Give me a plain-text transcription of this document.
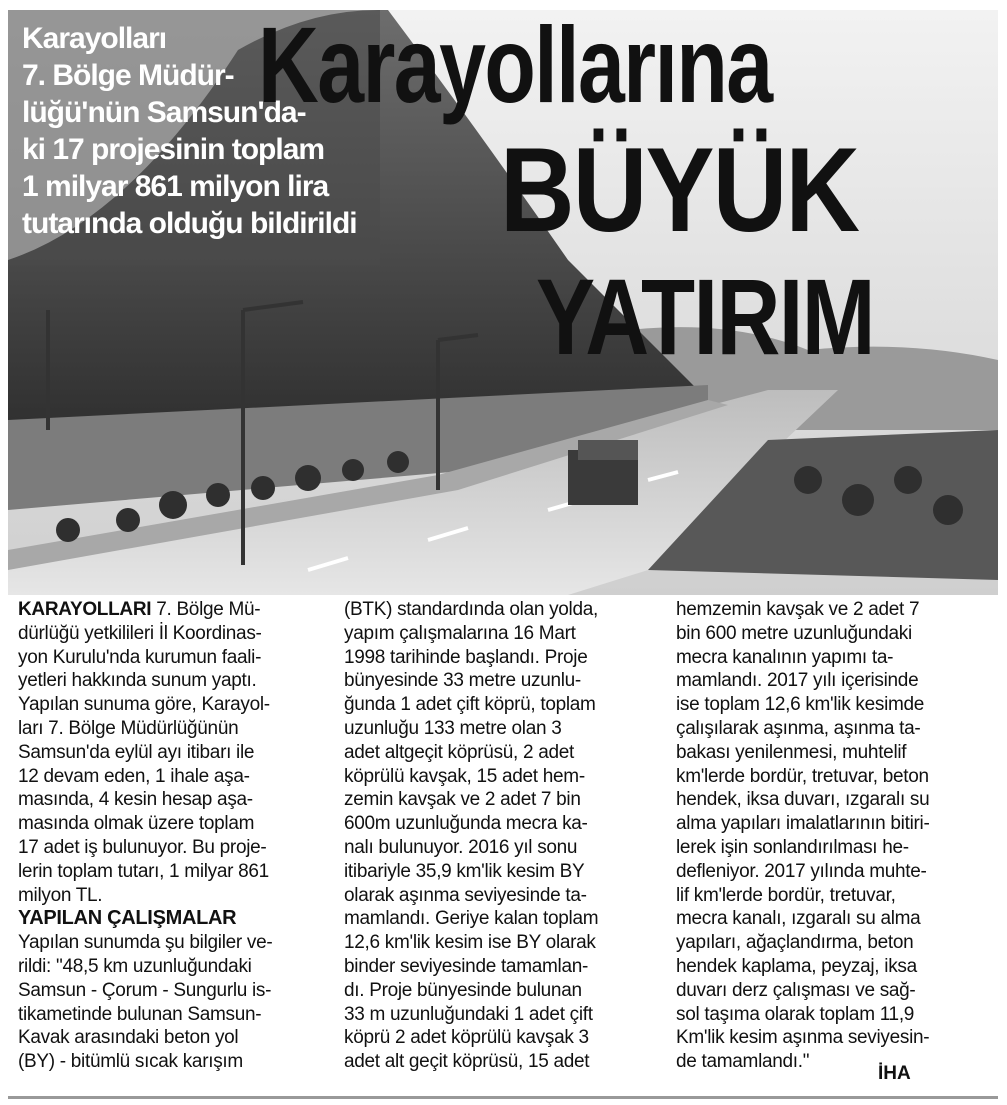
Karayolları
7. Bölge Müdür-
lüğü'nün Samsun'da-
ki 17 projesinin toplam
1 milyar 861 milyon lira
tutarında olduğu bildirildi
Karayollarına
BÜYÜK
YATIRIM
KARAYOLLARI 7. Bölge Mü-
dürlüğü yetkilileri İl Koordinas-
yon Kurulu'nda kurumun faali-
yetleri hakkında sunum yaptı.
Yapılan sunuma göre, Karayol-
ları 7. Bölge Müdürlüğünün
Samsun'da eylül ayı itibarı ile
12 devam eden, 1 ihale aşa-
masında, 4 kesin hesap aşa-
masında olmak üzere toplam
17 adet iş bulunuyor. Bu proje-
lerin toplam tutarı, 1 milyar 861
milyon TL.
YAPILAN ÇALIŞMALAR
Yapılan sunumda şu bilgiler ve-
rildi: "48,5 km uzunluğundaki
Samsun - Çorum - Sungurlu is-
tikametinde bulunan Samsun-
Kavak arasındaki beton yol
(BY) - bitümlü sıcak karışım
(BTK) standardında olan yolda,
yapım çalışmalarına 16 Mart
1998 tarihinde başlandı. Proje
bünyesinde 33 metre uzunlu-
ğunda 1 adet çift köprü, toplam
uzunluğu 133 metre olan 3
adet altgeçit köprüsü, 2 adet
köprülü kavşak, 15 adet hem-
zemin kavşak ve 2 adet 7 bin
600m uzunluğunda mecra ka-
nalı bulunuyor. 2016 yıl sonu
itibariyle 35,9 km'lik kesim BY
olarak aşınma seviyesinde ta-
mamlandı. Geriye kalan toplam
12,6 km'lik kesim ise BY olarak
binder seviyesinde tamamlan-
dı. Proje bünyesinde bulunan
33 m uzunluğundaki 1 adet çift
köprü 2 adet köprülü kavşak 3
adet alt geçit köprüsü, 15 adet
hemzemin kavşak ve 2 adet 7
bin 600 metre uzunluğundaki
mecra kanalının yapımı ta-
mamlandı. 2017 yılı içerisinde
ise toplam 12,6 km'lik kesimde
çalışılarak aşınma, aşınma ta-
bakası yenilenmesi, muhtelif
km'lerde bordür, tretuvar, beton
hendek, iksa duvarı, ızgaralı su
alma yapıları imalatlarının bitiri-
lerek işin sonlandırılması he-
defleniyor. 2017 yılında muhte-
lif km'lerde bordür, tretuvar,
mecra kanalı, ızgaralı su alma
yapıları, ağaçlandırma, beton
hendek kaplama, peyzaj, iksa
duvarı derz çalışması ve sağ-
sol taşıma olarak toplam 11,9
Km'lik kesim aşınma seviyesin-
de tamamlandı."
İHA
